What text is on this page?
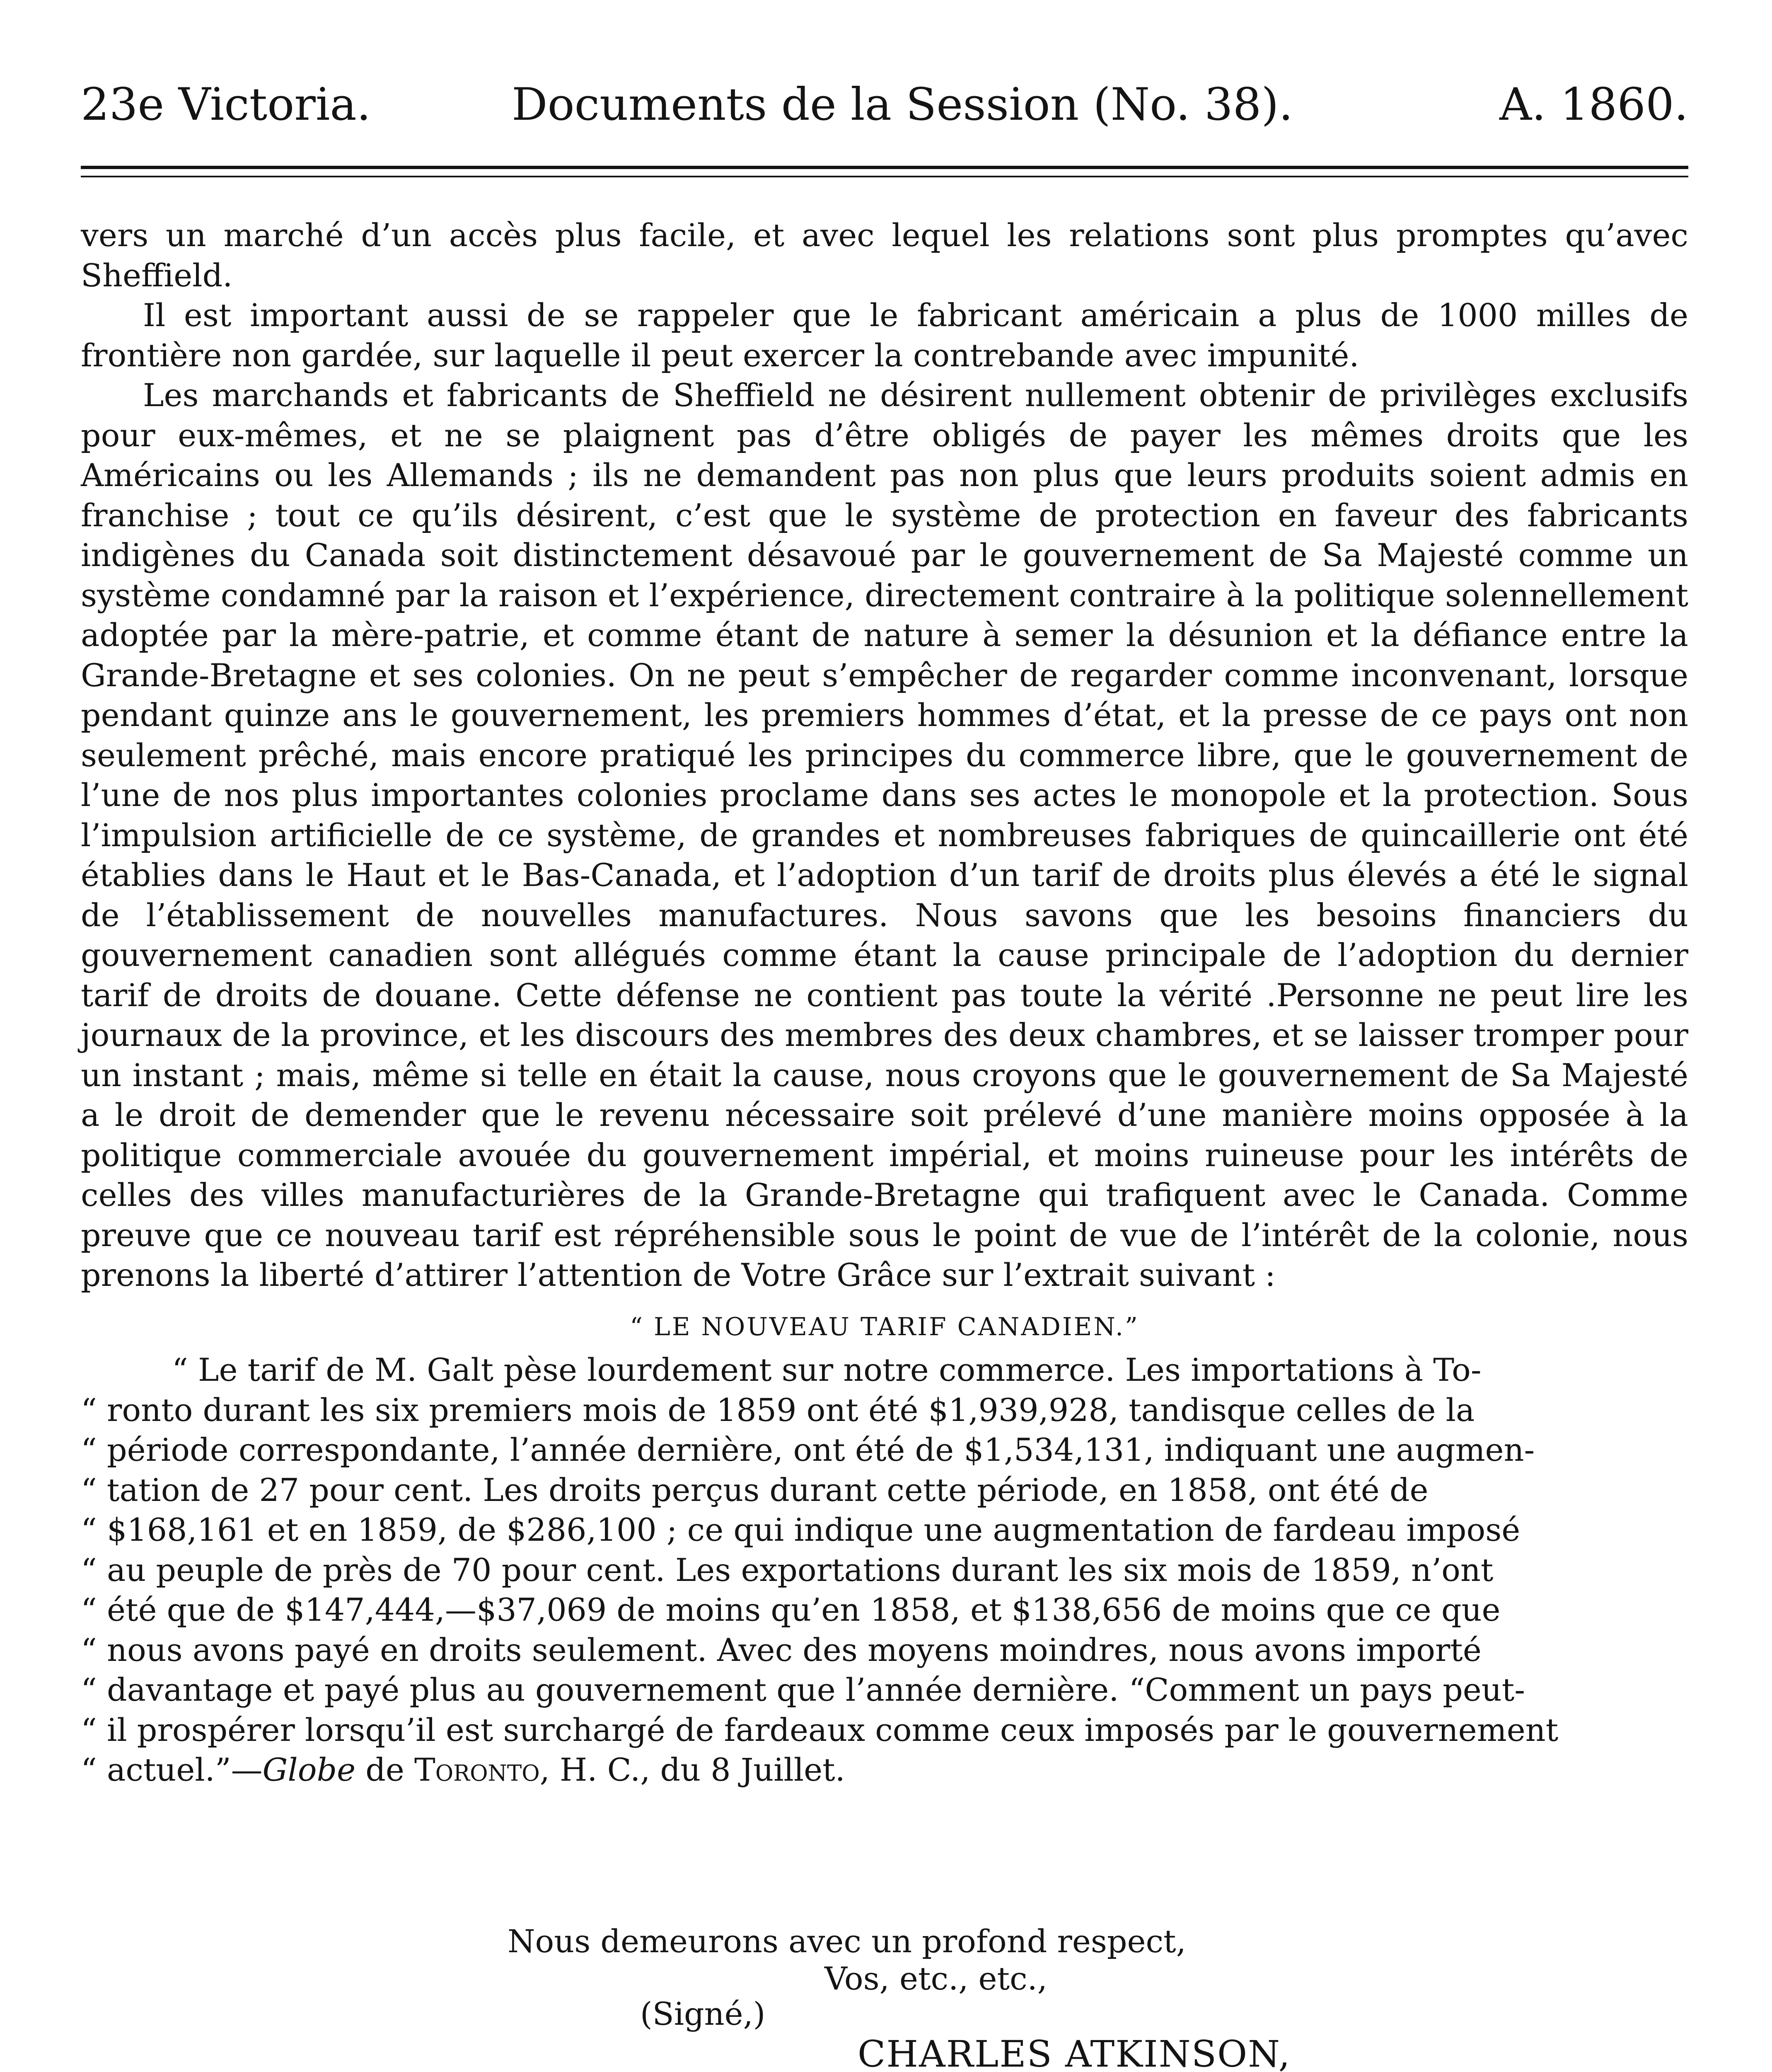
23e Victoria.	Documents de la Session (No. 38).	A. 1860.

vers un marché d’un accès plus facile, et avec lequel les relations sont plus promptes qu’avec Sheffield.

Il est important aussi de se rappeler que le fabricant américain a plus de 1000 milles de frontière non gardée, sur laquelle il peut exercer la contrebande avec impunité.

Les marchands et fabricants de Sheffield ne désirent nullement obtenir de privilèges exclusifs pour eux-mêmes, et ne se plaignent pas d’être obligés de payer les mêmes droits que les Américains ou les Allemands ; ils ne demandent pas non plus que leurs produits soient admis en franchise ; tout ce qu’ils désirent, c’est que le système de protection en faveur des fabricants indigènes du Canada soit distinctement désavoué par le gouvernement de Sa Majesté comme un système condamné par la raison et l’expérience, directement contraire à la politique solennellement adoptée par la mère-patrie, et comme étant de nature à semer la désunion et la défiance entre la Grande-Bretagne et ses colonies. On ne peut s’empêcher de regarder comme inconvenant, lorsque pendant quinze ans le gouvernement, les premiers hommes d’état, et la presse de ce pays ont non seulement prêché, mais encore pratiqué les principes du commerce libre, que le gouvernement de l’une de nos plus importantes colonies proclame dans ses actes le monopole et la protection. Sous l’impulsion artificielle de ce système, de grandes et nombreuses fabriques de quincaillerie ont été établies dans le Haut et le Bas-Canada, et l’adoption d’un tarif de droits plus élevés a été le signal de l’établissement de nouvelles manufactures. Nous savons que les besoins financiers du gouvernement canadien sont allégués comme étant la cause principale de l’adoption du dernier tarif de droits de douane. Cette défense ne contient pas toute la vérité .Personne ne peut lire les journaux de la province, et les discours des membres des deux chambres, et se laisser tromper pour un instant ; mais, même si telle en était la cause, nous croyons que le gouvernement de Sa Majesté a le droit de demender que le revenu nécessaire soit prélevé d’une manière moins opposée à la politique commerciale avouée du gouvernement impérial, et moins ruineuse pour les intérêts de celles des villes manufacturières de la Grande-Bretagne qui trafiquent avec le Canada. Comme preuve que ce nouveau tarif est répréhensible sous le point de vue de l’intérêt de la colonie, nous prenons la liberté d’attirer l’attention de Votre Grâce sur l’extrait suivant :

“ LE NOUVEAU TARIF CANADIEN.”

“ Le tarif de M. Galt pèse lourdement sur notre commerce. Les importations à To-

“ ronto durant les six premiers mois de 1859 ont été $1,939,928, tandisque celles de la

“ période correspondante, l’année dernière, ont été de $1,534,131, indiquant une augmen-

“ tation de 27 pour cent. Les droits perçus durant cette période, en 1858, ont été de

“ $168,161 et en 1859, de $286,100 ; ce qui indique une augmentation de fardeau imposé

“ au peuple de près de 70 pour cent. Les exportations durant les six mois de 1859, n’ont

“ été que de $147,444,—$37,069 de moins qu’en 1858, et $138,656 de moins que ce que

“ nous avons payé en droits seulement. Avec des moyens moindres, nous avons importé

“ davantage et payé plus au gouvernement que l’année dernière. “Comment un pays peut-

“ il prospérer lorsqu’il est surchargé de fardeaux comme ceux imposés par le gouvernement

“ actuel.”—Globe de Toronto, H. C., du 8 Juillet.

Nous demeurons avec un profond respect,
Vos, etc., etc.,
(Signé,)
CHARLES ATKINSON,
